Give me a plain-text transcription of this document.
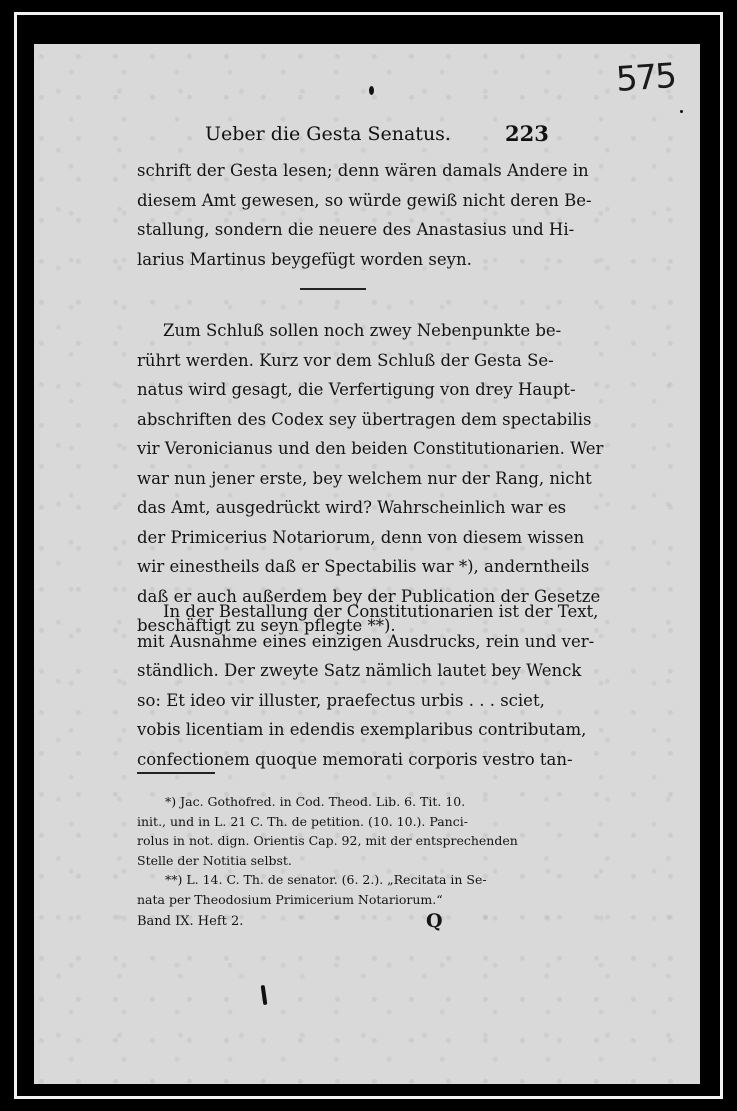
575
Ueber die Gesta Senatus.	223
schrift der Gesta lesen; denn wären damals Andere in
diesem Amt gewesen, so würde gewiß nicht deren Be-
stallung, sondern die neuere des Anastasius und Hi-
larius Martinus beygefügt worden seyn.
Zum Schluß sollen noch zwey Nebenpunkte be-
rührt werden. Kurz vor dem Schluß der Gesta Se-
natus wird gesagt, die Verfertigung von drey Haupt-
abschriften des Codex sey übertragen dem spectabilis
vir Veronicianus und den beiden Constitutionarien. Wer
war nun jener erste, bey welchem nur der Rang, nicht
das Amt, ausgedrückt wird? Wahrscheinlich war es
der Primicerius Notariorum, denn von diesem wissen
wir einestheils daß er Spectabilis war *), anderntheils
daß er auch außerdem bey der Publication der Gesetze
beschäftigt zu seyn pflegte **).
In der Bestallung der Constitutionarien ist der Text,
mit Ausnahme eines einzigen Ausdrucks, rein und ver-
ständlich. Der zweyte Satz nämlich lautet bey Wenck
so: Et ideo vir illuster, praefectus urbis . . . sciet,
vobis licentiam in edendis exemplaribus contributam,
confectionem quoque memorati corporis vestro tan-
*) Jac. Gothofred. in Cod. Theod. Lib. 6. Tit. 10.
init., und in L. 21 C. Th. de petition. (10. 10.). Panci-
rolus in not. dign. Orientis Cap. 92, mit der entsprechenden
Stelle der Notitia selbst.
**) L. 14. C. Th. de senator. (6. 2.). „Recitata in Se-
nata per Theodosium Primicerium Notariorum.“
Band IX. Heft 2.	Q
